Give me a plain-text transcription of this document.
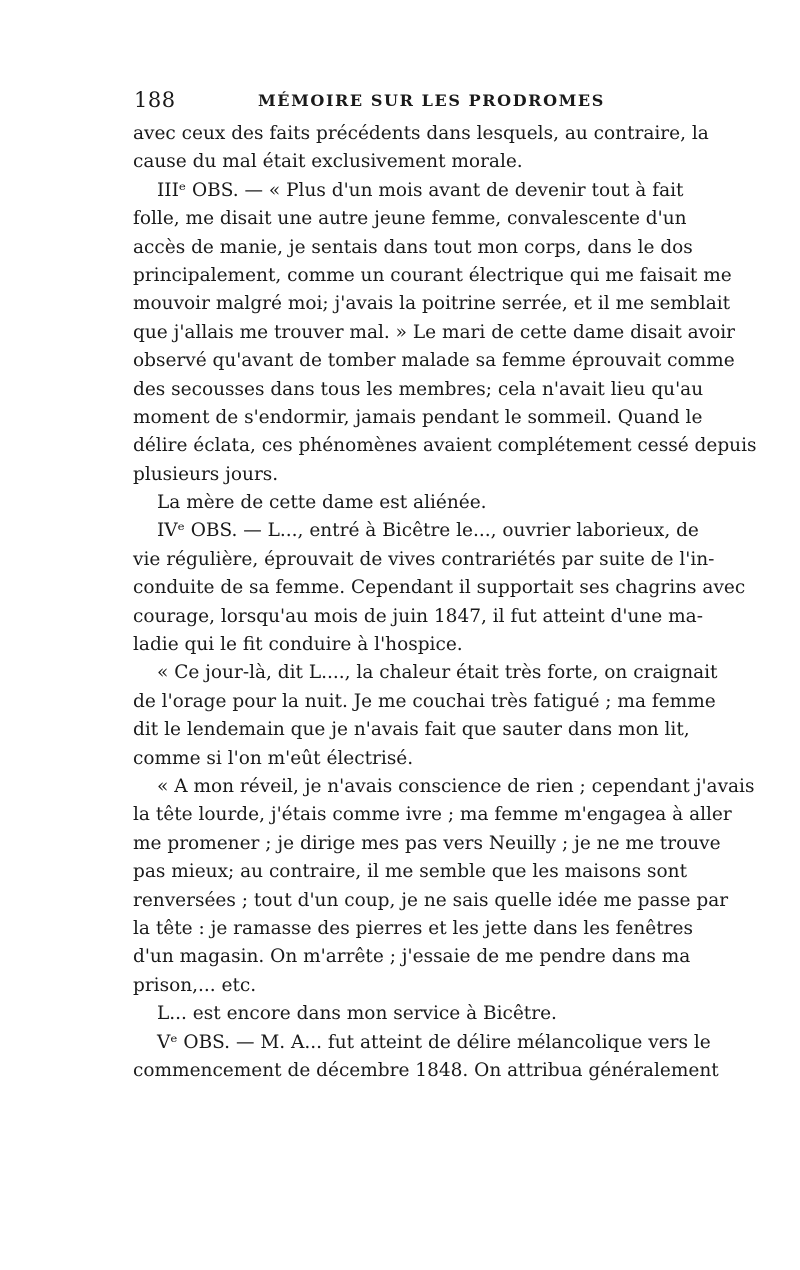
188	MÉMOIRE SUR LES PRODROMES
avec ceux des faits précédents dans lesquels, au contraire, la
cause du mal était exclusivement morale.
IIIᵉ OBS. — « Plus d'un mois avant de devenir tout à fait
folle, me disait une autre jeune femme, convalescente d'un
accès de manie, je sentais dans tout mon corps, dans le dos
principalement, comme un courant électrique qui me faisait me
mouvoir malgré moi; j'avais la poitrine serrée, et il me semblait
que j'allais me trouver mal. » Le mari de cette dame disait avoir
observé qu'avant de tomber malade sa femme éprouvait comme
des secousses dans tous les membres; cela n'avait lieu qu'au
moment de s'endormir, jamais pendant le sommeil. Quand le
délire éclata, ces phénomènes avaient complétement cessé depuis
plusieurs jours.
La mère de cette dame est aliénée.
IVᵉ OBS. — L..., entré à Bicêtre le..., ouvrier laborieux, de
vie régulière, éprouvait de vives contrariétés par suite de l'in-
conduite de sa femme. Cependant il supportait ses chagrins avec
courage, lorsqu'au mois de juin 1847, il fut atteint d'une ma-
ladie qui le fit conduire à l'hospice.
« Ce jour-là, dit L...., la chaleur était très forte, on craignait
de l'orage pour la nuit. Je me couchai très fatigué ; ma femme
dit le lendemain que je n'avais fait que sauter dans mon lit,
comme si l'on m'eût électrisé.
« A mon réveil, je n'avais conscience de rien ; cependant j'avais
la tête lourde, j'étais comme ivre ; ma femme m'engagea à aller
me promener ; je dirige mes pas vers Neuilly ; je ne me trouve
pas mieux; au contraire, il me semble que les maisons sont
renversées ; tout d'un coup, je ne sais quelle idée me passe par
la tête : je ramasse des pierres et les jette dans les fenêtres
d'un magasin. On m'arrête ; j'essaie de me pendre dans ma
prison,... etc.
L... est encore dans mon service à Bicêtre.
Vᵉ OBS. — M. A... fut atteint de délire mélancolique vers le
commencement de décembre 1848. On attribua généralement
